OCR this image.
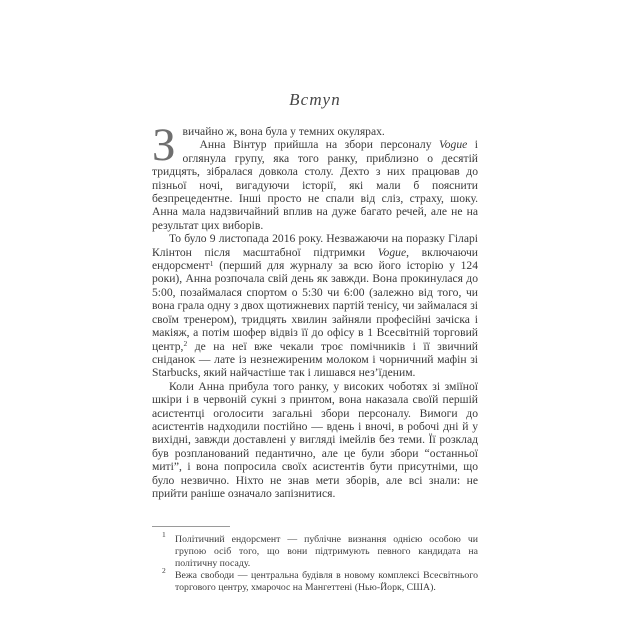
Вступ

Звичайно ж, вона була у темних окулярах.

Анна Вінтур прийшла на збори персоналу Vogue і оглянула групу, яка того ранку, приблизно о десятій тридцять, зібралася довкола столу. Дехто з них працював до пізньої ночі, вигадуючи історії, які мали б пояснити безпрецедентне. Інші просто не спали від сліз, страху, шоку. Анна мала надзвичайний вплив на дуже багато речей, але не на результат цих виборів.

То було 9 листопада 2016 року. Незважаючи на поразку Гіларі Клінтон після масштабної підтримки Vogue, включаючи ендорсмент$^1$ (перший для журналу за всю його історію у 124 роки), Анна розпочала свій день як завжди. Вона прокинулася до 5:00, позаймалася спортом о 5:30 чи 6:00 (залежно від того, чи вона грала одну з двох щотижневих партій тенісу, чи займалася зі своїм тренером), тридцять хвилин зайняли професійні зачіска і макіяж, а потім шофер відвіз її до офісу в 1 Всесвітній торговий центр,$^2$ де на неї вже чекали троє помічників і її звичний сніданок — лате із незнежиреним молоком і чорничний мафін зі Starbucks, який найчастіше так і лишався нез’їденим.

Коли Анна прибула того ранку, у високих чоботях зі зміїної шкіри і в червоній сукні з принтом, вона наказала своїй першій асистентці оголосити загальні збори персоналу. Вимоги до асистентів надходили постійно — вдень і вночі, в робочі дні й у вихідні, завжди доставлені у вигляді імейлів без теми. Її розклад був розпланований педантично, але це були збори “останньої миті”, і вона попросила своїх асистентів бути присутніми, що було незвично. Ніхто не знав мети зборів, але всі знали: не прийти раніше означало запізнитися.

1 Політичний ендорсмент — публічне визнання однією особою чи групою осіб того, що вони підтримують певного кандидата на політичну посаду.

2 Вежа свободи — центральна будівля в новому комплексі Всесвітнього торгового центру, хмарочос на Мангеттені (Нью-Йорк, США).
